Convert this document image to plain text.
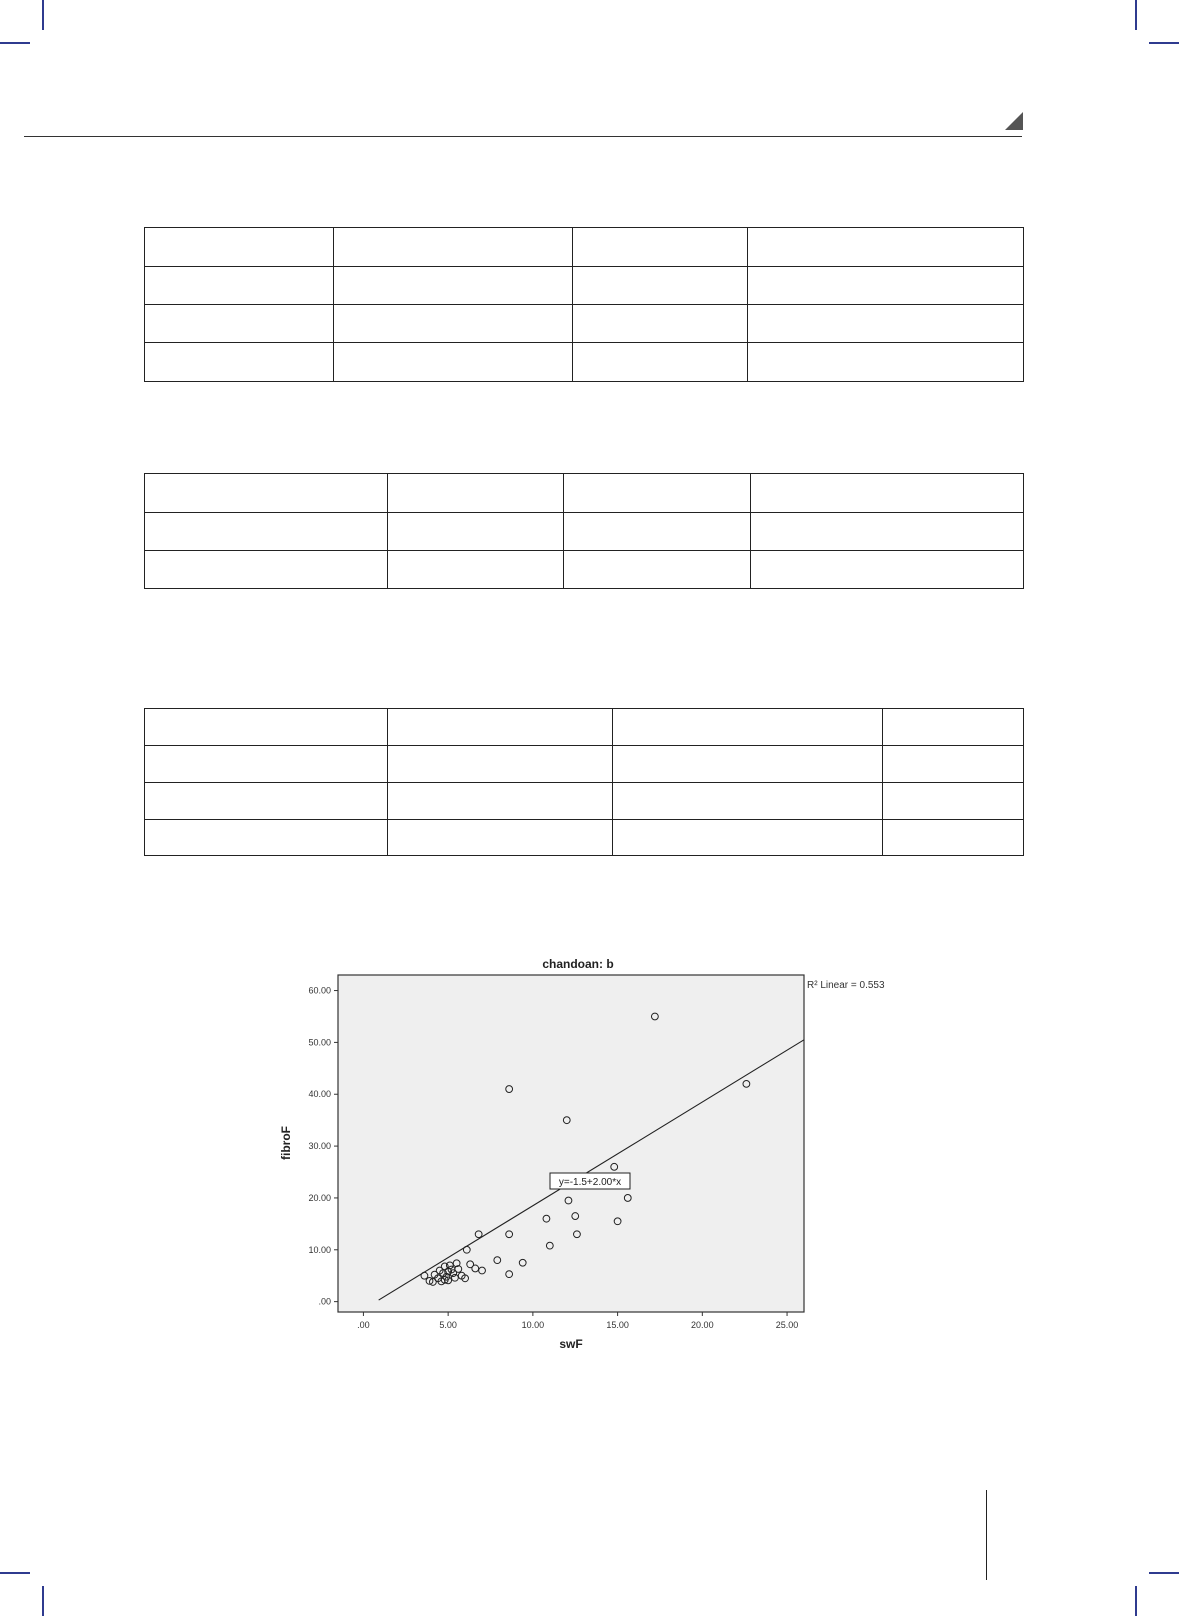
chandoan: b
.00	5.00	10.00	15.00	20.00	25.00
.00
10.00
20.00
30.00
40.00
50.00
60.00
y=-1.5+2.00*x
R² Linear = 0.553
swF
fibroF
